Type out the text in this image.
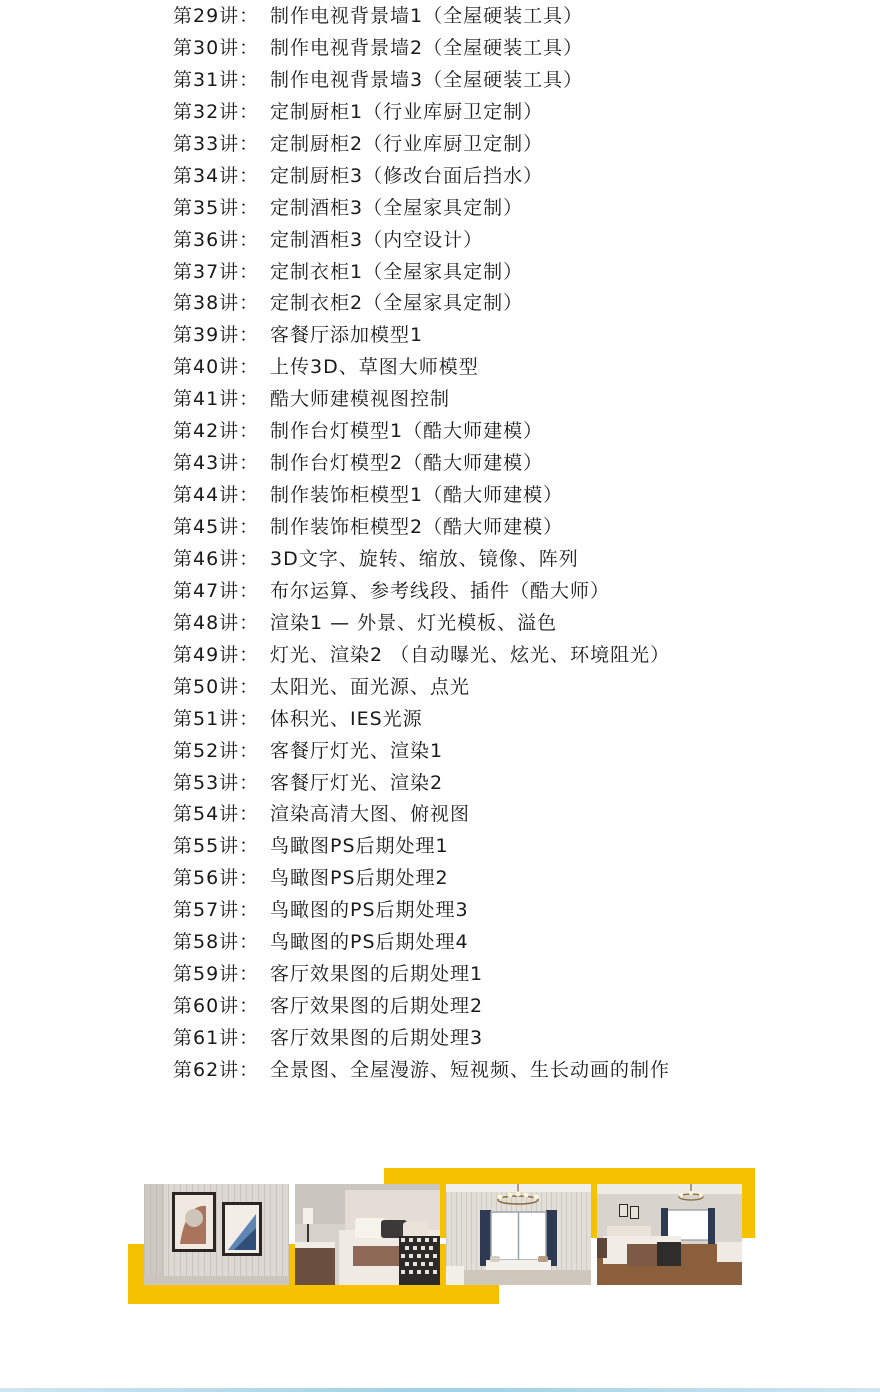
第29讲： 制作电视背景墙1（全屋硬装工具）
第30讲： 制作电视背景墙2（全屋硬装工具）
第31讲： 制作电视背景墙3（全屋硬装工具）
第32讲： 定制厨柜1（行业库厨卫定制）
第33讲： 定制厨柜2（行业库厨卫定制）
第34讲： 定制厨柜3（修改台面后挡水）
第35讲： 定制酒柜3（全屋家具定制）
第36讲： 定制酒柜3（内空设计）
第37讲： 定制衣柜1（全屋家具定制）
第38讲： 定制衣柜2（全屋家具定制）
第39讲： 客餐厅添加模型1
第40讲： 上传3D、草图大师模型
第41讲： 酷大师建模视图控制
第42讲： 制作台灯模型1（酷大师建模）
第43讲： 制作台灯模型2（酷大师建模）
第44讲： 制作装饰柜模型1（酷大师建模）
第45讲： 制作装饰柜模型2（酷大师建模）
第46讲： 3D文字、旋转、缩放、镜像、阵列
第47讲： 布尔运算、参考线段、插件（酷大师）
第48讲： 渲染1 — 外景、灯光模板、溢色
第49讲： 灯光、渲染2 （自动曝光、炫光、环境阻光）
第50讲： 太阳光、面光源、点光
第51讲： 体积光、IES光源
第52讲： 客餐厅灯光、渲染1
第53讲： 客餐厅灯光、渲染2
第54讲： 渲染高清大图、俯视图
第55讲： 鸟瞰图PS后期处理1
第56讲： 鸟瞰图PS后期处理2
第57讲： 鸟瞰图的PS后期处理3
第58讲： 鸟瞰图的PS后期处理4
第59讲： 客厅效果图的后期处理1
第60讲： 客厅效果图的后期处理2
第61讲： 客厅效果图的后期处理3
第62讲： 全景图、全屋漫游、短视频、生长动画的制作
